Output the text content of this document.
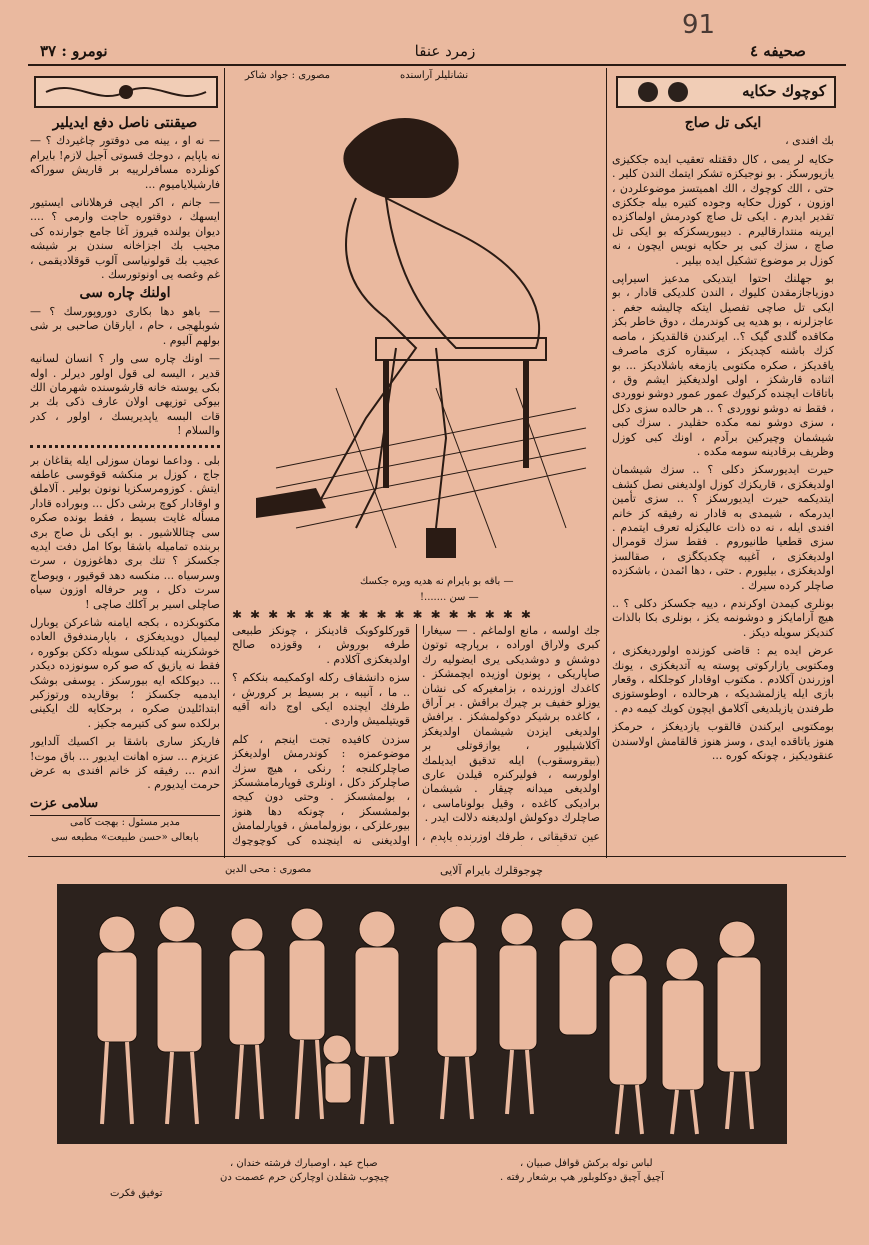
نومرو : ٣٧	زمرد عنقا	صحیفه ٤
91
صیقنتی ناصل دفع ایدیلیر

— نه او ، یینه می دوقتور چاغیردك ؟ — نه یاپایم ، دوجك قسوتی آجیل لازم! بایرام کونلرده مسافرلرییه بر قاریش سوراکه فارشیلایامیوم ...

— جانم ، اکر ایچی فرهلانانی ایستیور ایسهك ، دوقتوره حاجت وارمی ؟ .... دیوان یولنده فیروز آغا جامع جوارنده کی مجیب بك اجزاخانه سندن بر شیشه عجیب بك قولونیاسی آلوب قوقلادیقمی ، غم وغصه یی اونوتورسك .

اولنك چاره سی

— باهو دها بکاری دوروپورسك ؟ — شوبلهجی ، حام ، ایارقان صاحبی بر شی بولهم آلیوم .

— اونك چاره سی وار ؟ انسان لسانیه قدیر ، اليسه لی قول اولور دیرلر . اوله بکی یوسته خانه قارشوسنده شهرمان الك بیوکی توزیهی اولان عارف ذکی بك بر قات البسه یاپدیریسك ، اولور ، کدر والسلام !

بلی . وداعما نومان سوزلی ایله یقاغان بر جاج ، کوزل بر منکشه قوقوسی عاطفه ایتش . کوزومرسکزیا نونون بولیر . آلاملق و اوقادار کوچ برشی دکل ... وبوراده قادار مسأله غایت بسیط ، فقط بونده صکره سی چتاللاشیور . بو ایکی نل صاج بری بربنده تمامیله باشقا بوکا امل دفت ایدیه جکسکز ؟ تنك بری دهاغوزون ، سرت وسرسیاه ... منکسه دهد قوقیور ، ویوصاج سرت دکل ، ویر حرفاله اوزون سیاه صاچلی اسیر بر آکلك صاچی !

مکتوبکزده ، بکجه ایامنه شاعرکن یوبارل لیمیال دویدیغکزی ، باپارمندفوق العاده خوشکزینه کیدنلکی سویله دککن بوکوره ، فقط نه یازیق که صو کره سونوزده دیکدر ... دیوکلکه ایه بیورسکز . یوسفی بوشک ایدمیه جکسکز ؛ بوقاریده ورتوزکبر ابتدائلیدن صکره ، برحکایه لك ایکینی برلکده سو کی کتیرمه جکیز .

فاریکز ساری باشقا بر اکسیك آلدایور عزیزم ... سزه اهانت ایدیور ... باق موت! اندم ... رفیقه کز خانم افندی به عرض حرمت ایدیورم .

سلامی عزت
مدیر مسئول : بهجت کامی
بابعالی «حسن طبیعت» مطبعه سی
نشانلیلر آراسنده
مصوری : جواد شاکر
— باقه بو بایرام نه هدیه ویره جکسك
— سن .......!
✱✱✱✱✱✱✱✱✱✱✱✱✱✱✱✱✱

قورکلوکوبک قادینکز ، چونکز طبیعی طرفه بوروش ، وقوزده صالح اولدیغکزی آکلادم .

سزه دانشفاف رکله اوکمکیمه بنكکم ؟ .. ما ، آنیبه ، بر بسیط بر کرورش ، طرفك ایچنده ایکی اوج دانه آقیه قویتیلمیش واردی .

سزدن کافیده تجت اینجم ، کلم موضوعمزه : کوندرمش اولدیغکز صاچلرکلنجه ؛ رنکی ، هیچ سزك صاچلرکز دکل ، اونلری قوپارمامشسکز ، بولمشسکز . وحتی دون کیجه بولمشسکز ، چونکه دها هنوز بیورعلزکی ، بوزولمامش ، قوپارلمامش اولدیغنی نه اینچنده کی کوچوچوك

جك اولسه ، مانع اولماغم . — سیغارا کبری ولاراق اوراده ، برپارچه توتون دوشش و دوشدیکی یری ایضولیه رك صاپاریکی ، پونون اوزیده ایچمشکز . کاغدك اوزرنده ، بزامغیرکه کی نشان یوزلو خفیف بر چیرك براقش . بر آراق ، کاغده برشیکر دوکولمشکز . برافش اولدیغی ایزدن شیشمان اولدیغکز آکلاشیلیور ، یوازقوتلی بر (بیقروسقوب) ایله تدقیق ایدیلمك اولورسه ، فولیرکنره قیلدن عاری اولدیغی میدانه چیقار . شیشمان برادیکی کاغده ، وقیل بولوناماسی ، صاچلرك دوکولش اولدیغنه دلالت ایدر .

عین تدقیقاتی ، طرفك اوزرنده یاپدم ،

کوچوك حکایه
ایکی تل صاج

بك افندی ،

حکایه لر یمی ، کال دققتله تعقیب ایده جککیزی یازیورسکز . بو نوجیکزه تشکر ایتمك الندن کلیر . حتی ، الك کوچوك ، الك اهمیتسز موضوعلردن ، اوزون ، کوزل حکایه وجوده کتیره بیله جککزی تقدیر ایدرم . ایکی تل صاچ کودرمش اولماکزده ایرینه منتدارقالیرم . دیبوریسکزکه بو ایکی تل صاچ ، سزك کبی بر حکایه نویس ایچون ، نه کوزل بر موضوع تشکیل ایده بیلیر .

بو جهلنك احتوا ایتدیکی مدعیز اسیراپی دوزیاجازمقدن کلیوك ، الندن کلدیکی قادار ، بو ایکی تل صاچی تفصیل ایتکه چالیشه جغم . عاجزلرنه ، بو هدیه یی کوندرمك ، دوق خاطر بکز مکاقده گلدی گیک ؟.. ایرکندن قالقدیکز ، ماصه کزك باشنه کچدیکز ، سیقاره کزی ماصرف یاقدیکز ، صکره مکتوبی یازمغه باشلادیکز ... بو اثناده قارشکز ، اولی اولدیغکیز ایشم وق ، باتاقات ایچنده کرکیوك عمور عمور دوشو نووردی ، فقط نه دوشو نووردی ؟ .. هر حالده سزی دکل ، سزی دوشو نمه مکده حقلیدر . سزك کبی شیشمان وچیرکین برآدم ، اونك کبی کوزل وظریف برقادینه سومه مکده .

حیرت ایدیورسکز دکلی ؟ .. سزك شیشمان اولدیغکزی ، قاریکزك کوزل اولدیغنی نصل کشف ایتدیکمه حیرت ایدیورسکز ؟ .. سزی تأمین ایدرمکه ، شیمدی به قادار نه رفیقه کز خانم افندی ایله ، نه ده ذات عالیکزله تعرف ایتمدم . سزی قطعیا طانیوروم . فقط سزك قومرال اولدیغکزی ، آغیبه چکدیکگزی ، صقالسز اولدیغکزی ، بیلیورم . حتی ، دها ائمدن ، باشکزده صاچلر کرده سیرك .

بونلری کیمدن اوکرندم ، دییه جکسکز دکلی ؟ .. هیچ آرامایکز و دوشونمه یکز ، بونلری بکا بالذات کندیکز سویله دیکز .

عرض ایده یم : قاضی کوزنده اولوردیغکزی ، ومکتوبی یازارکوتی پوسته یه آتدیغکزی ، یونك اوزرندن آکلادم . مکتوب اوقادار کوجلکله ، وقعار بازی ایله یازلمشدیکه ، هرحالده ، اوطوستوزی طرفندن یازیلدیغی آکلامق ایچون کویك کیمه دم .

بومکتوبی ایرکندن قالقوب یازدیغکز ، حرمکز هنوز یاتاقده ایدی ، وسز هنوز قالقامش اولاسندن عنقودیکیز ، چونکه کوره ...

چوجوقلرك بایرام آلایی
مصوری : محی الدین
لباس نوله برکش قوافل صبیان ،
آچیق آچیق دوکلوبلور هپ برشعار رفته .
صباح عید ، اوصبارك فرشته خندان ،
چیچوب شقلدن اوچارکن حرم عصمت دن
توفیق فکرت
